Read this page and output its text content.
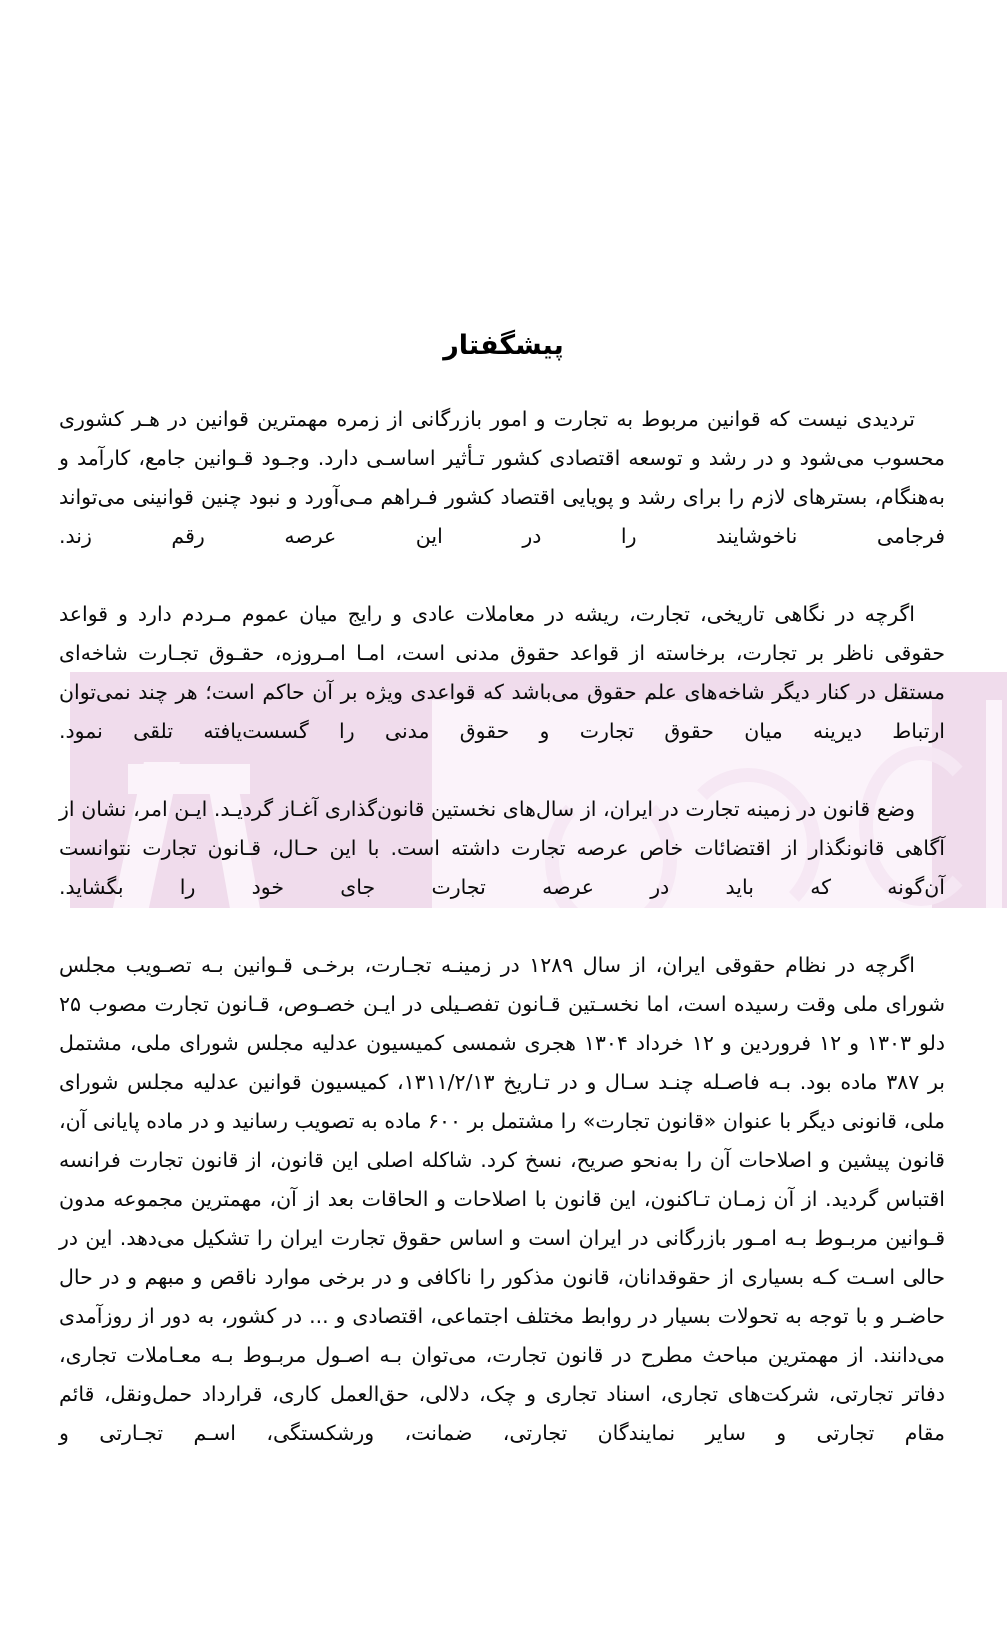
پیشگفتار

تردیدی نیست که قوانین مربوط به تجارت و امور بازرگانی از زمره مهمترین قوانین در هـر کشوری محسوب می‌شود و در رشد و توسعه اقتصادی کشور تـأثیر اساسـی دارد. وجـود قـوانین جامع، کارآمد و به‌هنگام، بسترهای لازم را برای رشد و پویایی اقتصاد کشور فـراهم مـی‌آورد و نبود چنین قوانینی می‌تواند فرجامی ناخوشایند را در این عرصه رقم زند.

اگرچه در نگاهی تاریخی، تجارت، ریشه در معاملات عادی و رایج میان عموم مـردم دارد و قواعد حقوقی ناظر بر تجارت، برخاسته از قواعد حقوق مدنی است، امـا امـروزه، حقـوق تجـارت شاخه‌ای مستقل در کنار دیگر شاخه‌های علم حقوق می‌باشد که قواعدی ویژه بر آن حاکم است؛ هر چند نمی‌توان ارتباط دیرینه میان حقوق تجارت و حقوق مدنی را گسست‌یافته تلقی نمود.

وضع قانون در زمینه تجارت در ایران، از سال‌های نخستین قانون‌گذاری آغـاز گردیـد. ایـن امر، نشان از آگاهی قانونگذار از اقتضائات خاص عرصه تجارت داشته است. با این حـال، قـانون تجارت نتوانست آن‌گونه که باید در عرصه تجارت جای خود را بگشاید.

اگرچه در نظام حقوقی ایران، از سال ۱۲۸۹ در زمینـه تجـارت، برخـی قـوانین بـه تصـویب مجلس شورای ملی وقت رسیده است، اما نخسـتین قـانون تفصـیلی در ایـن خصـوص، قـانون تجارت مصوب ۲۵ دلو ۱۳۰۳ و ۱۲ فروردین و ۱۲ خرداد ۱۳۰۴ هجری شمسی کمیسیون عدلیه مجلس شورای ملی، مشتمل بر ۳۸۷ ماده بود. بـه فاصـله چنـد سـال و در تـاریخ ۱۳۱۱/۲/۱۳، کمیسیون قوانین عدلیه مجلس شورای ملی، قانونی دیگر با عنوان «قانون تجارت» را مشتمل بر ۶۰۰ ماده به تصویب رسانید و در ماده پایانی آن، قانون پیشین و اصلاحات آن را به‌نحو صریح، نسخ کرد. شاکله اصلی این قانون، از قانون تجارت فرانسه اقتباس گردید. از آن زمـان تـاکنون، این قانون با اصلاحات و الحاقات بعد از آن، مهمترین مجموعه مدون قـوانین مربـوط بـه امـور بازرگانی در ایران است و اساس حقوق تجارت ایران را تشکیل می‌دهد. این در حالی اسـت کـه بسیاری از حقوقدانان، قانون مذکور را ناکافی و در برخی موارد ناقص و مبهم و در حال حاضـر و با توجه به تحولات بسیار در روابط مختلف اجتماعی، اقتصادی و ... در کشور، به دور از روزآمدی می‌دانند. از مهمترین مباحث مطرح در قانون تجارت، می‌توان بـه اصـول مربـوط بـه معـاملات تجاری، دفاتر تجارتی، شرکت‌های تجاری، اسناد تجاری و چک، دلالی، حق‌العمل کاری، قرارداد حمل‌ونقل، قائم مقام تجارتی و سایر نمایندگان تجارتی، ضمانت، ورشکستگی، اسـم تجـارتی و
